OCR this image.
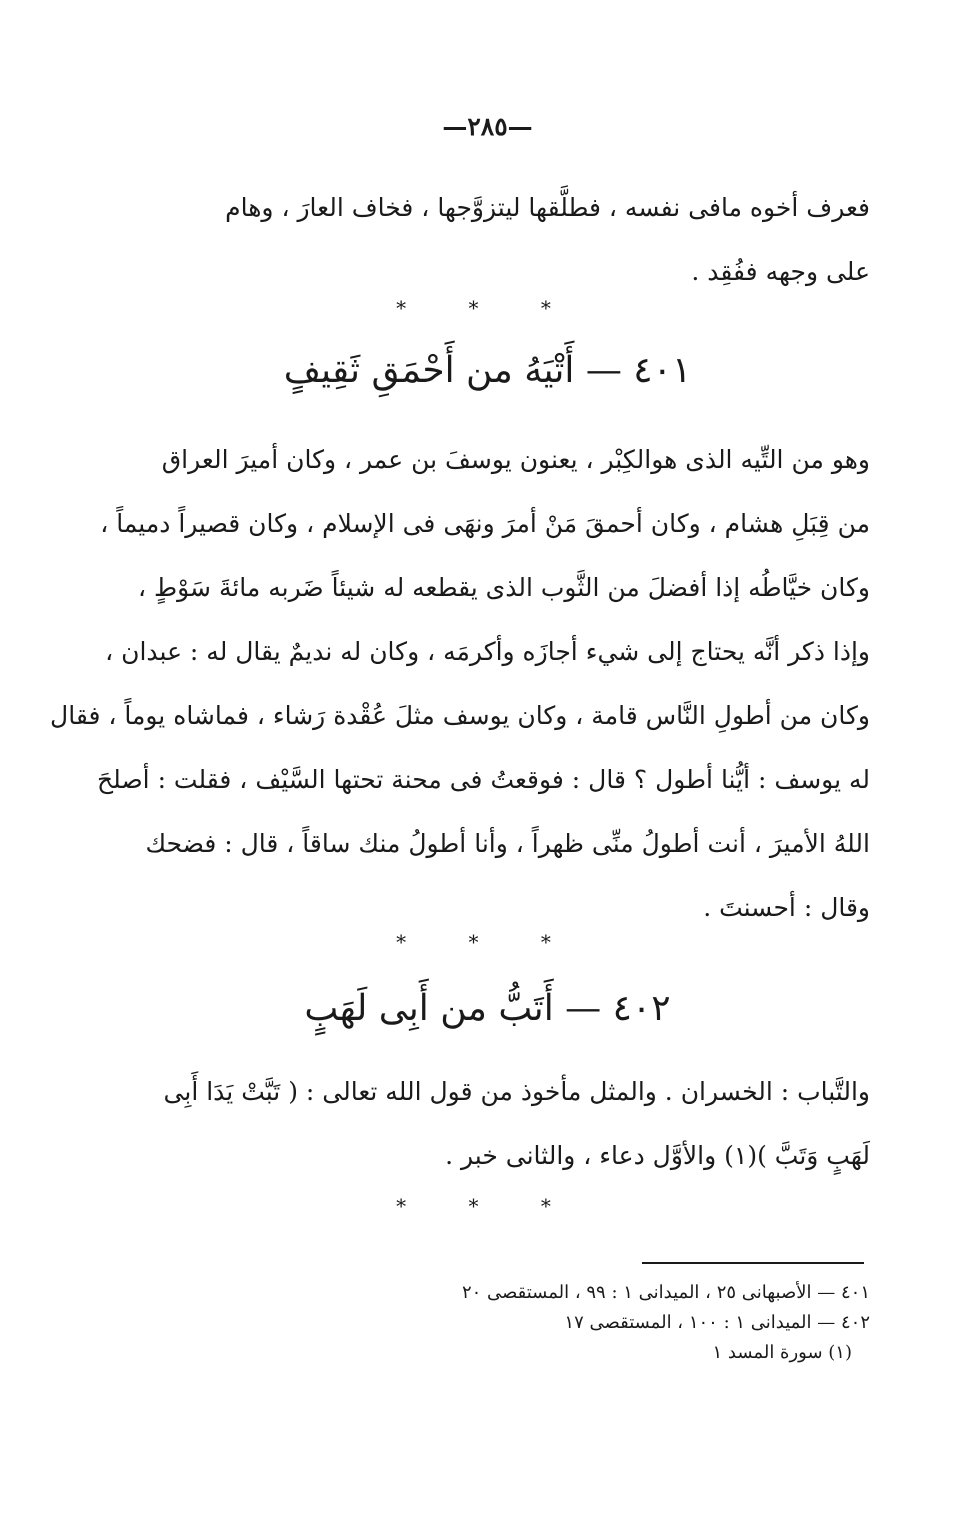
—٢٨٥—
فعرف أخوه مافى نفسه ، فطلَّقها ليتزوَّجها ، فخاف العارَ ، وهام
على وجهه ففُقِد .
* * *
٤٠١ — أَتْيَهُ من أَحْمَقِ ثَقِيفٍ
وهو من التِّيه الذى هوالكِبْر ، يعنون يوسفَ بن عمر ، وكان أميرَ العراق
من قِبَلِ هشام ، وكان أحمقَ مَنْ أمرَ ونهَى فى الإسلام ، وكان قصيراً دميماً ،
وكان خيَّاطُه إذا أفضلَ من الثَّوب الذى يقطعه له شيئاً ضَربه مائةَ سَوْطٍ ،
وإذا ذكر أنَّه يحتاج إلى شيء أجازَه وأكرمَه ، وكان له نديمٌ يقال له : عبدان ،
وكان من أطولِ النَّاس قامة ، وكان يوسف مثلَ عُقْدة رَشاء ، فماشاه يوماً ، فقال
له يوسف : أيُّنا أطول ؟ قال : فوقعتُ فى محنة تحتها السَّيْف ، فقلت : أصلحَ
اللهُ الأميرَ ، أنت أطولُ منِّى ظهراً ، وأنا أطولُ منك ساقاً ، قال : فضحك
وقال : أحسنتَ .
* * *
٤٠٢ — أَتَبُّ من أَبِى لَهَبٍ
والتَّباب : الخسران . والمثل مأخوذ من قول الله تعالى : ( تَبَّتْ يَدَا أَبِى
لَهَبٍ وَتَبَّ )(١) والأوَّل دعاء ، والثانى خبر .
* * *
٤٠١ — الأصبهانى ٢٥ ، الميدانى ١ : ٩٩ ، المستقصى ٢٠
٤٠٢ — الميدانى ١ : ١٠٠ ، المستقصى ١٧
(١) سورة المسد ١
